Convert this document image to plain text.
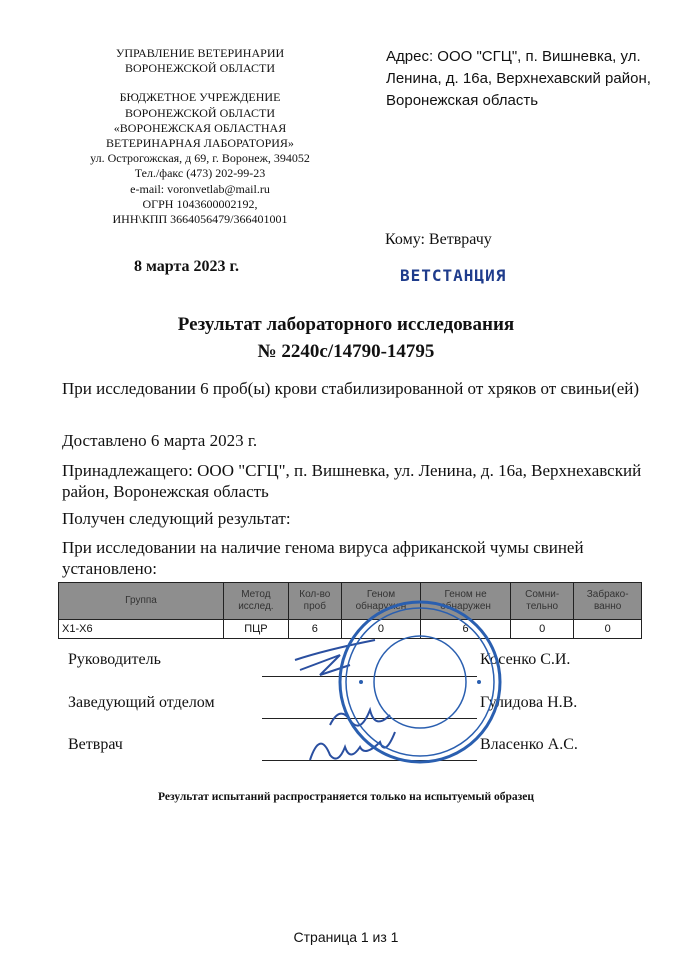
УПРАВЛЕНИЕ ВЕТЕРИНАРИИ
ВОРОНЕЖСКОЙ ОБЛАСТИ
БЮДЖЕТНОЕ УЧРЕЖДЕНИЕ
ВОРОНЕЖСКОЙ ОБЛАСТИ
«ВОРОНЕЖСКАЯ ОБЛАСТНАЯ
ВЕТЕРИНАРНАЯ ЛАБОРАТОРИЯ»
ул. Острогожская, д 69, г. Воронеж, 394052
Тел./факс (473) 202-99-23
e-mail: voronvetlab@mail.ru
ОГРН 1043600002192,
ИНН\КПП 3664056479/366401001
Адрес: ООО "СГЦ", п. Вишневка, ул. Ленина, д. 16а, Верхнехавский район, Воронежская область
Кому: Ветврачу
8 марта 2023 г.	ВЕТСТАНЦИЯ
Результат лабораторного исследования
№ 2240с/14790-14795
При исследовании 6 проб(ы) крови стабилизированной от хряков от свиньи(ей)
Доставлено 6 марта 2023 г.
Принадлежащего: ООО "СГЦ", п. Вишневка, ул. Ленина, д. 16а, Верхнехавский район, Воронежская область
Получен следующий результат:
При исследовании на наличие генома вируса африканской чумы свиней установлено:
Группа	Метод исслед.	Кол-во проб	Геном обнаружен	Геном не обнаружен	Сомни-тельно	Забрако-ванно
Х1-Х6	ПЦР	6	0	6	0	0
Руководитель	Косенко С.И.
Заведующий отделом	Гулидова Н.В.
Ветврач	Власенко А.С.
Результат испытаний распространяется только на испытуемый образец
Страница 1 из 1
